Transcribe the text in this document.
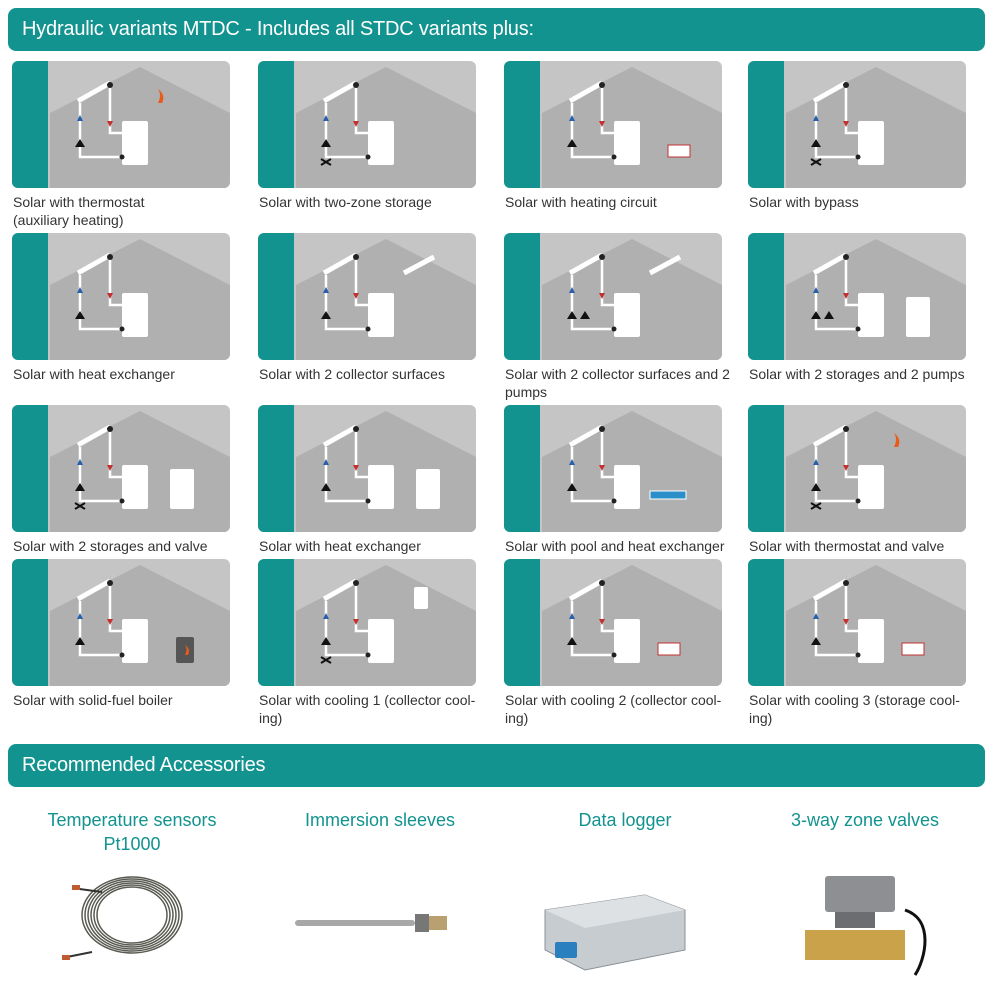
Hydraulic variants MTDC - Includes all STDC variants plus:
Solar with thermostat
(auxiliary heating)
Solar with two-zone storage	Solar with heating circuit	Solar with bypass
Solar with heat exchanger	Solar with 2 collector surfaces	Solar with 2 collector surfaces and 2
pumps
Solar with 2 storages and 2 pumps
Solar with 2 storages and valve	Solar with heat exchanger	Solar with pool and heat exchanger	Solar with thermostat and valve
Solar with solid-fuel boiler	Solar with cooling 1 (collector cool-
ing)
Solar with cooling 2 (collector cool-
ing)
Solar with cooling 3 (storage cool-
ing)
Recommended Accessories
Temperature sensors
Pt1000
Immersion sleeves	Data logger	3-way zone valves
